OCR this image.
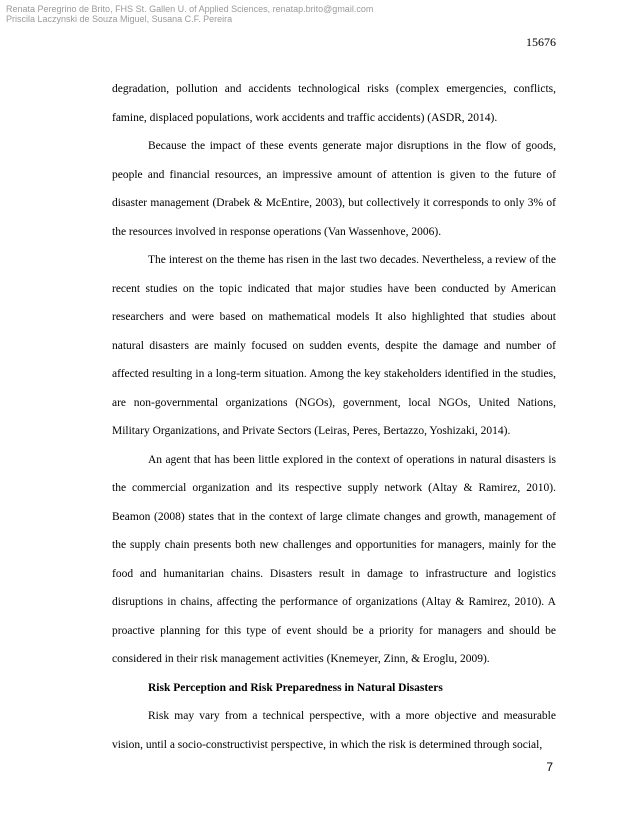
Renata Peregrino de Brito, FHS St. Gallen U. of Applied Sciences, renatap.brito@gmail.com
Priscila Laczynski de Souza Miguel, Susana C.F. Pereira
15676

degradation, pollution and accidents technological risks (complex emergencies, conflicts, famine, displaced populations, work accidents and traffic accidents) (ASDR, 2014).

Because the impact of these events generate major disruptions in the flow of goods, people and financial resources, an impressive amount of attention is given to the future of disaster management (Drabek & McEntire, 2003), but collectively it corresponds to only 3% of the resources involved in response operations (Van Wassenhove, 2006).

The interest on the theme has risen in the last two decades. Nevertheless, a review of the recent studies on the topic indicated that major studies have been conducted by American researchers and were based on mathematical models It also highlighted that studies about natural disasters are mainly focused on sudden events, despite the damage and number of affected resulting in a long-term situation. Among the key stakeholders identified in the studies, are non-governmental organizations (NGOs), government, local NGOs, United Nations, Military Organizations, and Private Sectors (Leiras, Peres, Bertazzo, Yoshizaki, 2014).

An agent that has been little explored in the context of operations in natural disasters is the commercial organization and its respective supply network (Altay & Ramirez, 2010). Beamon (2008) states that in the context of large climate changes and growth, management of the supply chain presents both new challenges and opportunities for managers, mainly for the food and humanitarian chains. Disasters result in damage to infrastructure and logistics disruptions in chains, affecting the performance of organizations (Altay & Ramirez, 2010). A proactive planning for this type of event should be a priority for managers and should be considered in their risk management activities (Knemeyer, Zinn, & Eroglu, 2009).

Risk Perception and Risk Preparedness in Natural Disasters

Risk may vary from a technical perspective, with a more objective and measurable vision, until a socio-constructivist perspective, in which the risk is determined through social,

7
